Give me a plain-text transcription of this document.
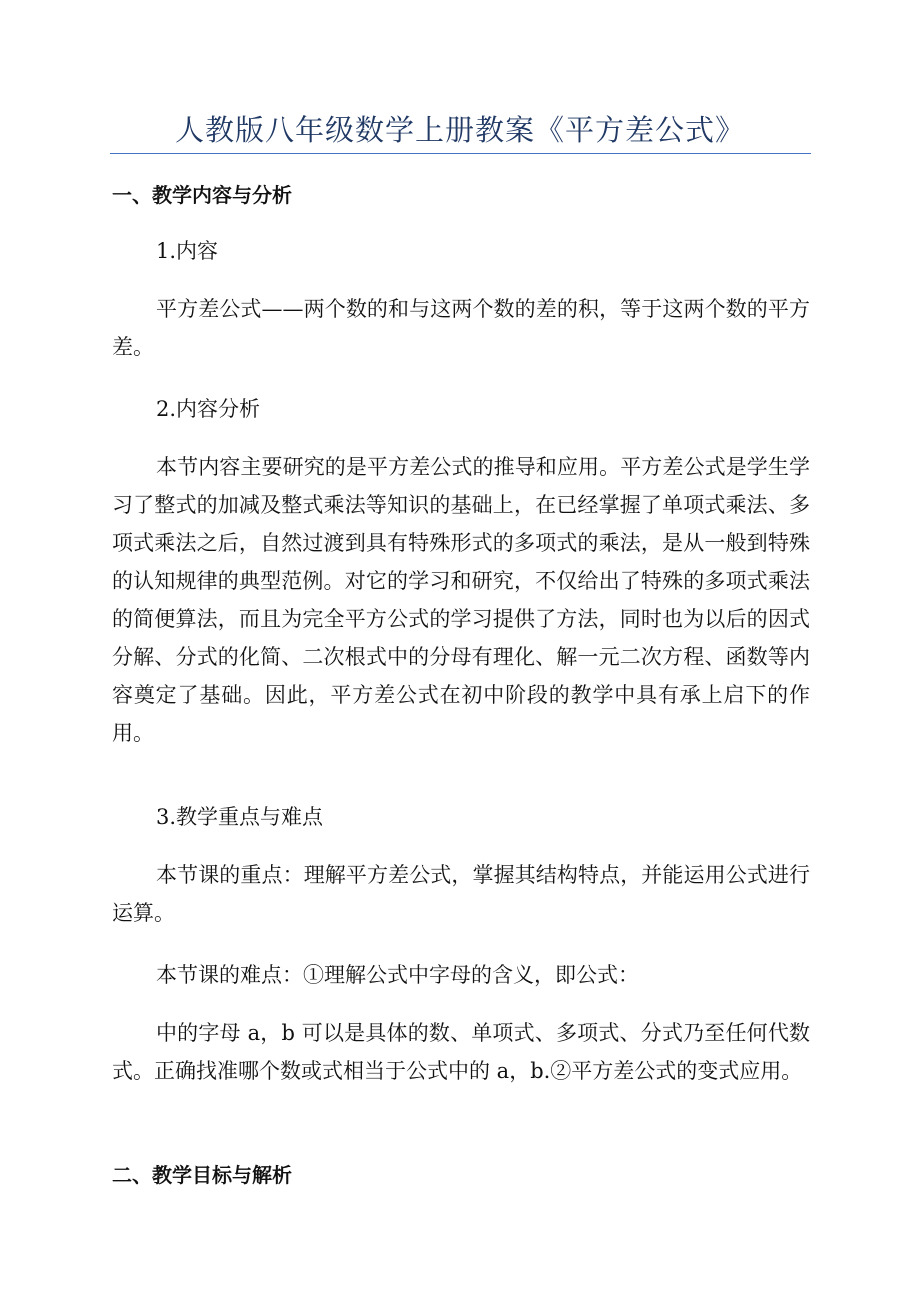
人教版八年级数学上册教案《平方差公式》

一、教学内容与分析

1.内容

平方差公式——两个数的和与这两个数的差的积，等于这两个数的平方差。

2.内容分析

本节内容主要研究的是平方差公式的推导和应用。平方差公式是学生学习了整式的加减及整式乘法等知识的基础上，在已经掌握了单项式乘法、多项式乘法之后，自然过渡到具有特殊形式的多项式的乘法，是从一般到特殊的认知规律的典型范例。对它的学习和研究，不仅给出了特殊的多项式乘法的简便算法，而且为完全平方公式的学习提供了方法，同时也为以后的因式分解、分式的化简、二次根式中的分母有理化、解一元二次方程、函数等内容奠定了基础。因此，平方差公式在初中阶段的教学中具有承上启下的作用。

3.教学重点与难点

本节课的重点：理解平方差公式，掌握其结构特点，并能运用公式进行运算。

本节课的难点：①理解公式中字母的含义，即公式：

中的字母 a，b 可以是具体的数、单项式、多项式、分式乃至任何代数式。正确找准哪个数或式相当于公式中的 a，b.②平方差公式的变式应用。

二、教学目标与解析
